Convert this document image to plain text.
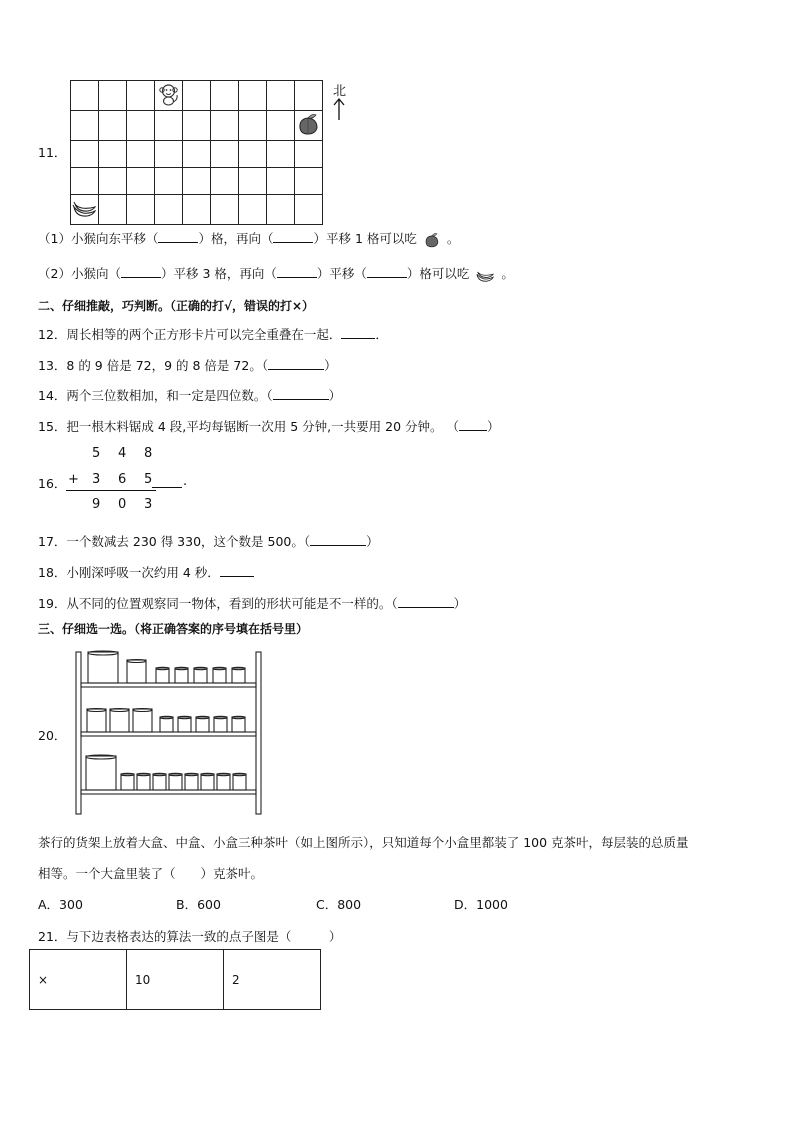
北
11．
（1）小猴向东平移（	）格，再向（	）平移 1 格可以吃  。
（2）小猴向（	）平移 3 格，再向（	）平移（	）格可以吃  。
二、仔细推敲，巧判断。（正确的打√，错误的打×）
12．周长相等的两个正方形卡片可以完全重叠在一起．	．
13．8 的 9 倍是 72，9 的 8 倍是 72。（	）
14．两个三位数相加，和一定是四位数。（	）
15．把一根木料锯成 4 段,平均每锯断一次用 5 分钟,一共要用 20 分钟。 （ ）
16．
5 4 8
+ 3 6 5 .
9 0 3
17．一个数减去 230 得 330，这个数是 500。（	）
18．小刚深呼吸一次约用 4 秒．
19．从不同的位置观察同一物体，看到的形状可能是不一样的。（	）
三、仔细选一选。（将正确答案的序号填在括号里）
20．
茶行的货架上放着大盒、中盒、小盒三种茶叶（如上图所示），只知道每个小盒里都装了 100 克茶叶，每层装的总质量
相等。一个大盒里装了（　　）克茶叶。
A．300	B．600	C．800	D．1000
21．与下边表格表达的算法一致的点子图是（　　　）
×	10	2
